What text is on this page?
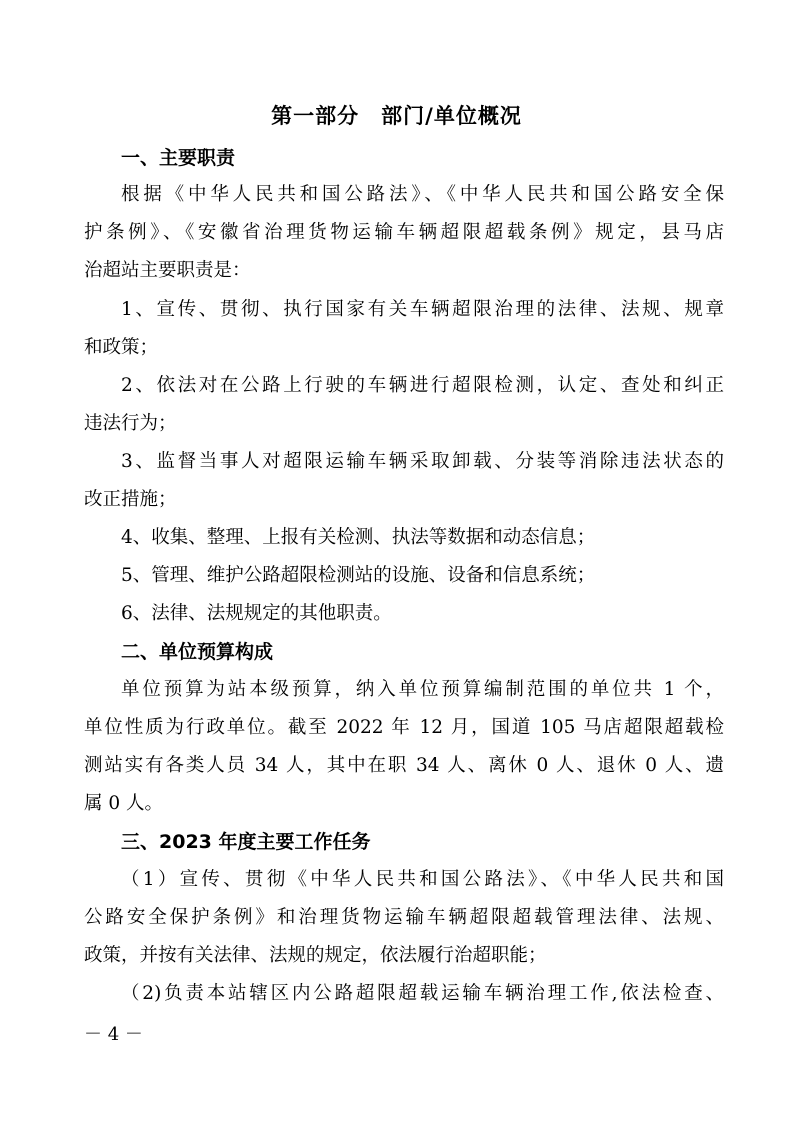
第一部分　部门/单位概况
一、主要职责
根据《中华人民共和国公路法》、《中华人民共和国公路安全保
护条例》、《安徽省治理货物运输车辆超限超载条例》规定，县马店
治超站主要职责是：
1、宣传、贯彻、执行国家有关车辆超限治理的法律、法规、规章
和政策；
2、依法对在公路上行驶的车辆进行超限检测，认定、查处和纠正
违法行为；
3、监督当事人对超限运输车辆采取卸载、分装等消除违法状态的
改正措施；
4、收集、整理、上报有关检测、执法等数据和动态信息；
5、管理、维护公路超限检测站的设施、设备和信息系统；
6、法律、法规规定的其他职责。
二、单位预算构成
单位预算为站本级预算，纳入单位预算编制范围的单位共 1 个，
单位性质为行政单位。截至 2022 年 12 月，国道 105 马店超限超载检
测站实有各类人员 34 人，其中在职 34 人、离休 0 人、退休 0 人、遗
属 0 人。
三、2023 年度主要工作任务
（1）宣传、贯彻《中华人民共和国公路法》、《中华人民共和国
公路安全保护条例》和治理货物运输车辆超限超载管理法律、法规、
政策，并按有关法律、法规的规定，依法履行治超职能；
（2)负责本站辖区内公路超限超载运输车辆治理工作,依法检查、
－ 4 －
